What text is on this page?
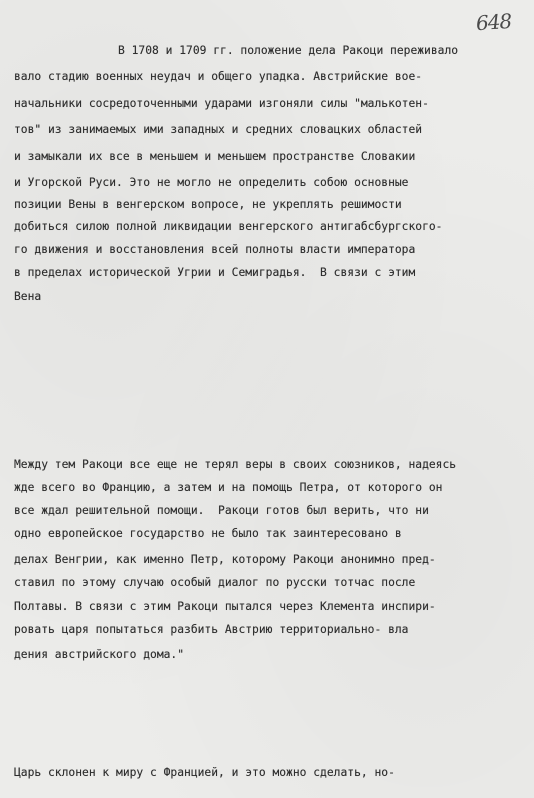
648
В 1708 и 1709 гг. положение дела Ракоци переживало
вало стадию военных неудач и общего упадка. Австрийские вое-
начальники сосредоточенными ударами изгоняли силы "малькотен-
тов" из занимаемых ими западных и средних словацких областей
и замыкали их все в меньшем и меньшем пространстве Словакии
и Угорской Руси. Это не могло не определить собою основные
позиции Вены в венгерском вопросе, не укреплять решимости
добиться силою полной ликвидации венгерского антигабсбургского-
го движения и восстановления всей полноты власти императора
в пределах исторической Угрии и Семиградья.  В связи с этим
Вена
Между тем Ракоци все еще не терял веры в своих союзников, надеясь
жде всего во Францию, а затем и на помощь Петра, от которого он
все ждал решительной помощи.  Ракоци готов был верить, что ни
одно европейское государство не было так заинтересовано в
делах Венгрии, как именно Петр, которому Ракоци анонимно пред-
ставил по этому случаю особый диалог по русски тотчас после
Полтавы. В связи с этим Ракоци пытался через Клемента инспири-
ровать царя попытаться разбить Австрию территориально- вла
дения австрийского дома."
Царь склонен к миру с Францией, и это можно сделать, но-
